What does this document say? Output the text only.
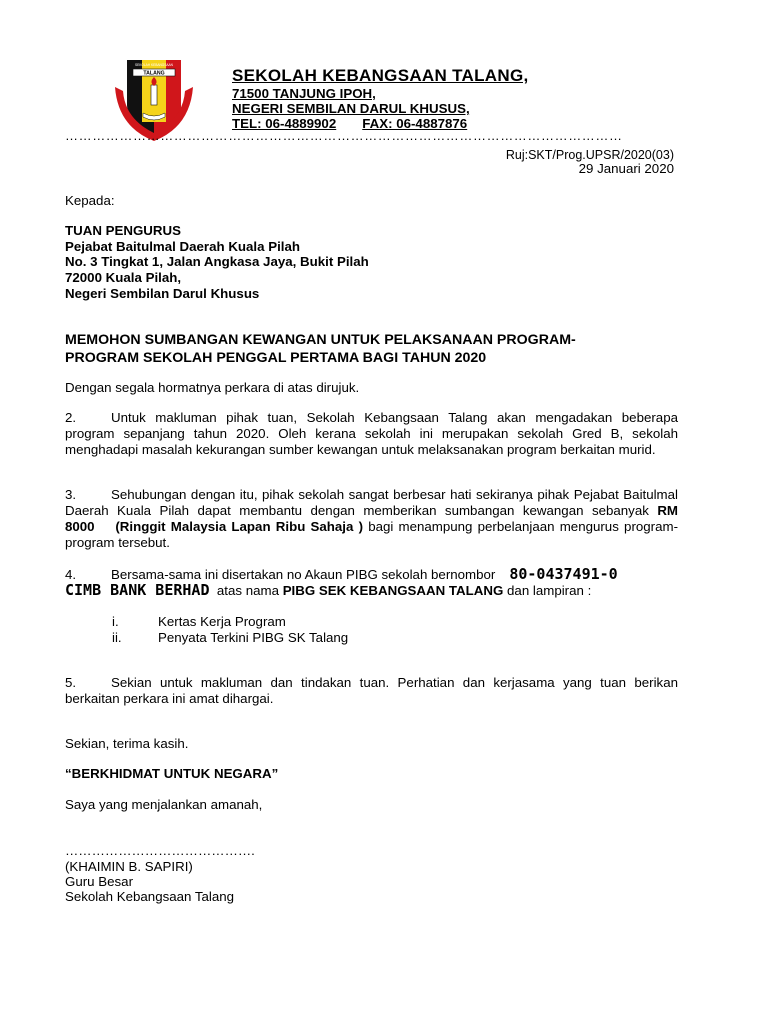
TALANG
SEKOLAH KEBANGSAAN
SEKOLAH KEBANGSAAN TALANG,
71500 TANJUNG IPOH,
NEGERI SEMBILAN DARUL KHUSUS,
TEL: 06-4889902 FAX: 06-4887876
……………………………………………………………………………………………………………
Ruj:SKT/Prog.UPSR/2020(03)
29 Januari 2020
Kepada:
TUAN PENGURUS
Pejabat Baitulmal Daerah Kuala Pilah
No. 3 Tingkat 1, Jalan Angkasa Jaya, Bukit Pilah
72000 Kuala Pilah,
Negeri Sembilan Darul Khusus
MEMOHON SUMBANGAN KEWANGAN UNTUK PELAKSANAAN PROGRAM-
PROGRAM SEKOLAH PENGGAL PERTAMA BAGI TAHUN 2020
Dengan segala hormatnya perkara di atas dirujuk.
2.	Untuk makluman pihak tuan, Sekolah Kebangsaan Talang akan mengadakan beberapa program sepanjang tahun 2020. Oleh kerana sekolah ini merupakan sekolah Gred B, sekolah menghadapi masalah kekurangan sumber kewangan untuk melaksanakan program berkaitan murid.
3.	Sehubungan dengan itu, pihak sekolah sangat berbesar hati sekiranya pihak Pejabat Baitulmal Daerah Kuala Pilah dapat membantu dengan memberikan sumbangan kewangan sebanyak RM 8000 (Ringgit Malaysia Lapan Ribu Sahaja ) bagi menampung perbelanjaan mengurus program-program tersebut.
4.	Bersama-sama ini disertakan no Akaun PIBG sekolah bernombor 80-0437491-0
CIMB BANK BERHAD atas nama PIBG SEK KEBANGSAAN TALANG dan lampiran :
i.	Kertas Kerja Program
ii.	Penyata Terkini PIBG SK Talang
5.	Sekian untuk makluman dan tindakan tuan. Perhatian dan kerjasama yang tuan berikan berkaitan perkara ini amat dihargai.
Sekian, terima kasih.
“BERKHIDMAT UNTUK NEGARA”
Saya yang menjalankan amanah,
…………………………………….
(KHAIMIN B. SAPIRI)
Guru Besar
Sekolah Kebangsaan Talang
